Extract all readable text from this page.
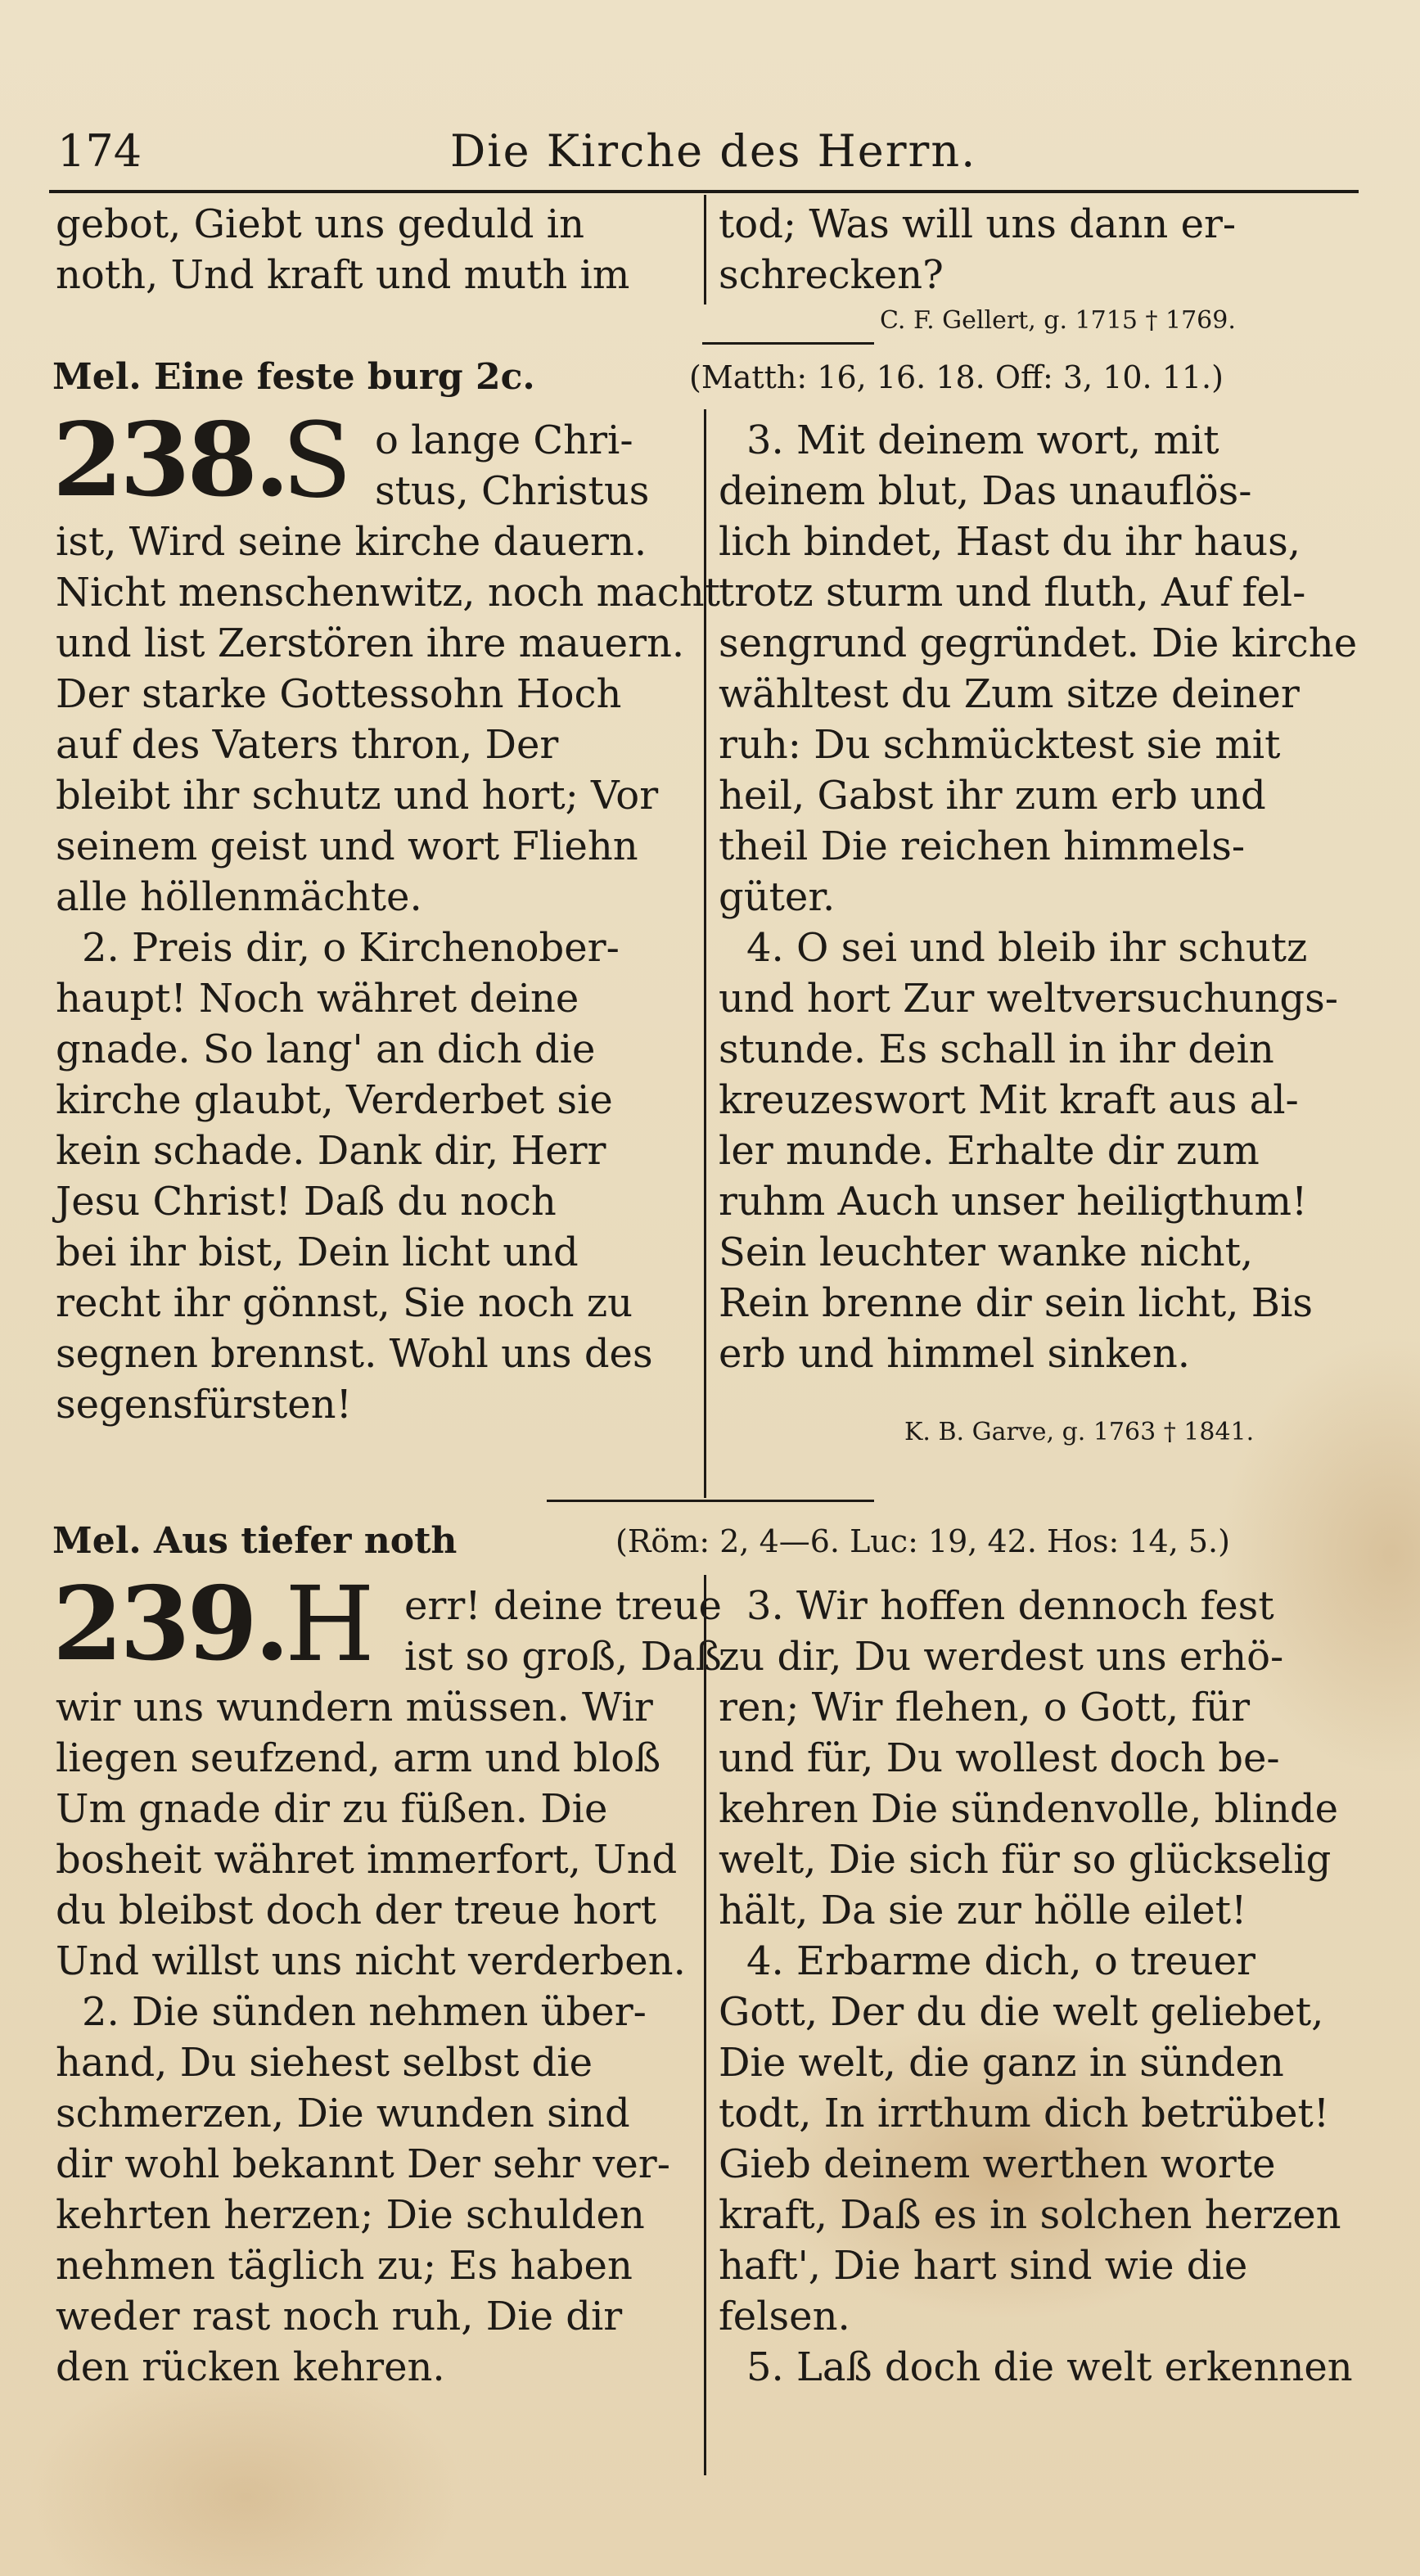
174	Die Kirche des Herrn.
gebot, Giebt uns geduld in
noth, Und kraft und muth im
tod; Was will uns dann er-
schrecken?
C. F. Gellert, g. 1715 † 1769.
Mel. Eine feste burg 2c.	(Matth: 16, 16. 18. Off: 3, 10. 11.)
238.
S o lange Chri-
stus, Christus
ist, Wird seine kirche dauern.
Nicht menschenwitz, noch macht
und list Zerstören ihre mauern.
Der starke Gottessohn Hoch
auf des Vaters thron, Der
bleibt ihr schutz und hort; Vor
seinem geist und wort Fliehn
alle höllenmächte.
2. Preis dir, o Kirchenober-
haupt! Noch währet deine
gnade. So lang' an dich die
kirche glaubt, Verderbet sie
kein schade. Dank dir, Herr
Jesu Christ! Daß du noch
bei ihr bist, Dein licht und
recht ihr gönnst, Sie noch zu
segnen brennst. Wohl uns des
segensfürsten!
3. Mit deinem wort, mit
deinem blut, Das unauflös-
lich bindet, Hast du ihr haus,
trotz sturm und fluth, Auf fel-
sengrund gegründet. Die kirche
wähltest du Zum sitze deiner
ruh: Du schmücktest sie mit
heil, Gabst ihr zum erb und
theil Die reichen himmels-
güter.
4. O sei und bleib ihr schutz
und hort Zur weltversuchungs-
stunde. Es schall in ihr dein
kreuzeswort Mit kraft aus al-
ler munde. Erhalte dir zum
ruhm Auch unser heiligthum!
Sein leuchter wanke nicht,
Rein brenne dir sein licht, Bis
erb und himmel sinken.
K. B. Garve, g. 1763 † 1841.
Mel. Aus tiefer noth	(Röm: 2, 4—6. Luc: 19, 42. Hos: 14, 5.)
239.
H err! deine treue
ist so groß, Daß
wir uns wundern müssen. Wir
liegen seufzend, arm und bloß
Um gnade dir zu füßen. Die
bosheit währet immerfort, Und
du bleibst doch der treue hort
Und willst uns nicht verderben.
2. Die sünden nehmen über-
hand, Du siehest selbst die
schmerzen, Die wunden sind
dir wohl bekannt Der sehr ver-
kehrten herzen; Die schulden
nehmen täglich zu; Es haben
weder rast noch ruh, Die dir
den rücken kehren.
3. Wir hoffen dennoch fest
zu dir, Du werdest uns erhö-
ren; Wir flehen, o Gott, für
und für, Du wollest doch be-
kehren Die sündenvolle, blinde
welt, Die sich für so glückselig
hält, Da sie zur hölle eilet!
4. Erbarme dich, o treuer
Gott, Der du die welt geliebet,
Die welt, die ganz in sünden
todt, In irrthum dich betrübet!
Gieb deinem werthen worte
kraft, Daß es in solchen herzen
haft', Die hart sind wie die
felsen.
5. Laß doch die welt erkennen
